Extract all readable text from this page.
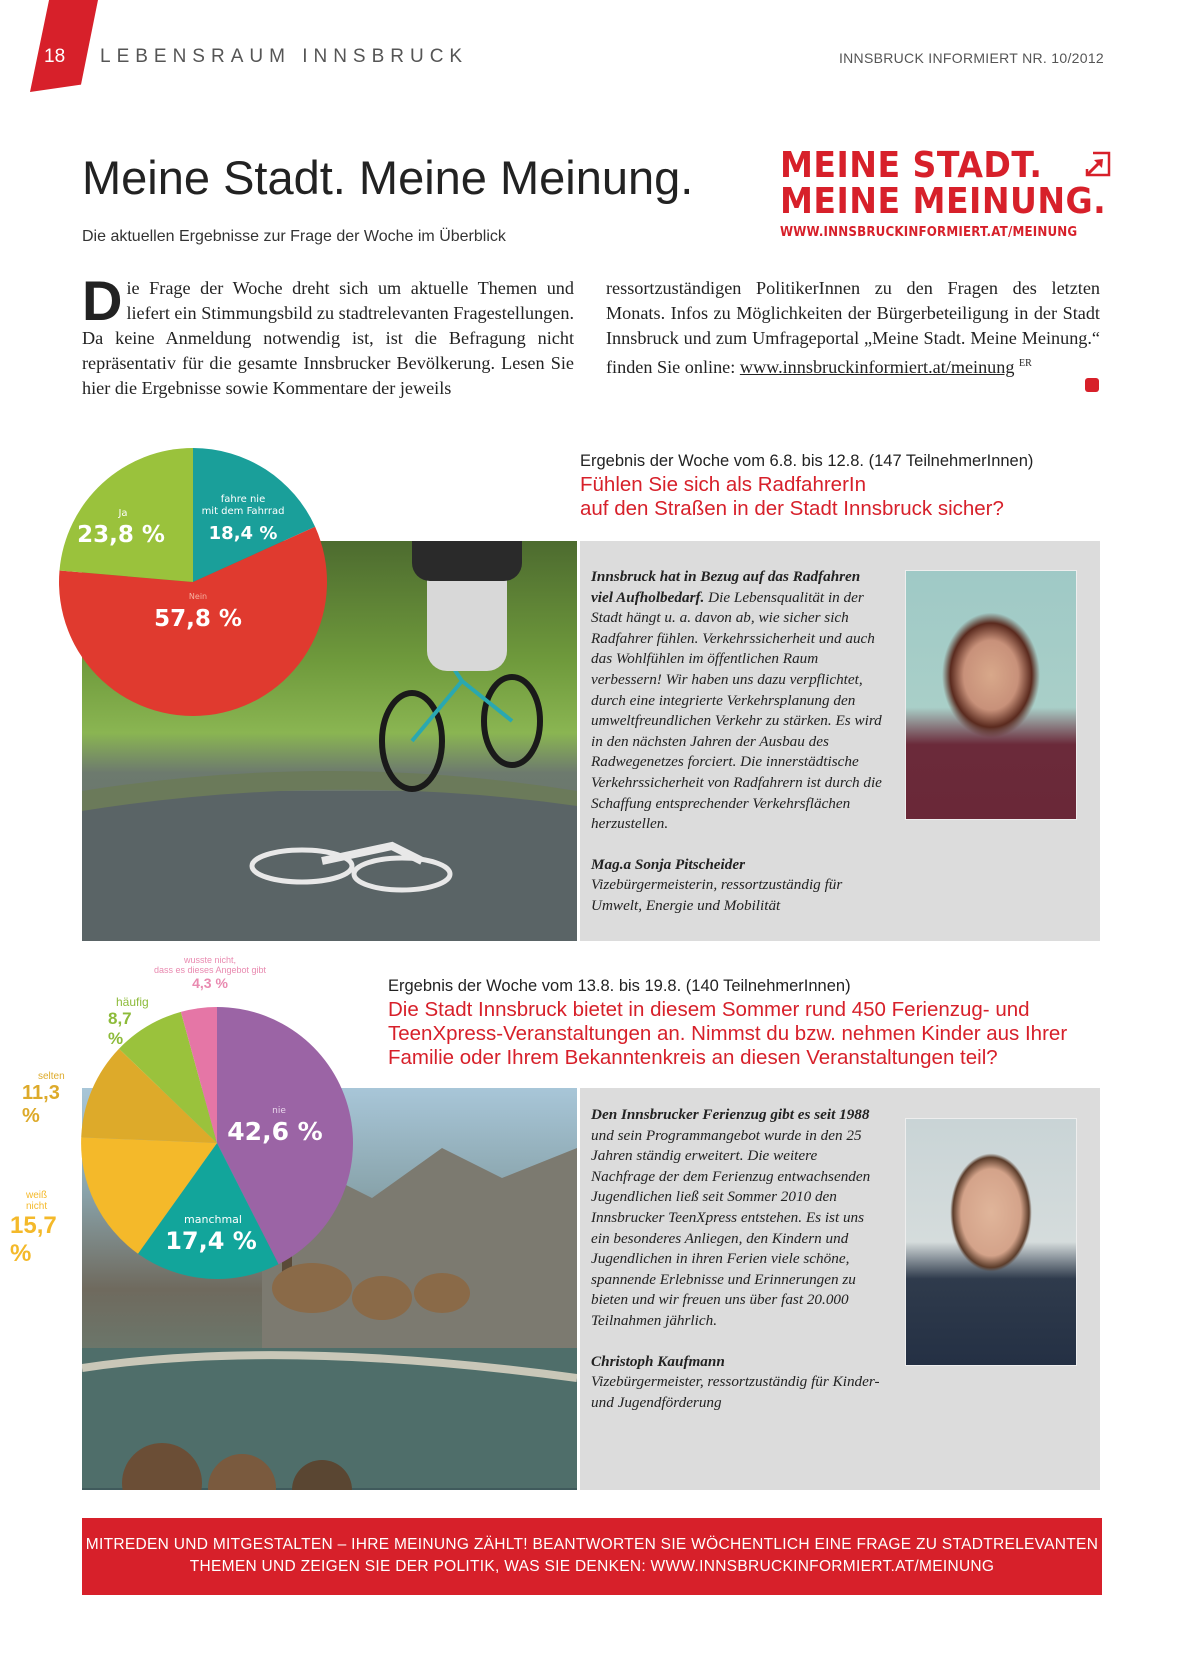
18 LEBENSRAUM INNSBRUCK	INNSBRUCK INFORMIERT NR. 10/2012
Meine Stadt. Meine Meinung.
Die aktuellen Ergebnisse zur Frage der Woche im Überblick
MEINE STADT.
MEINE MEINUNG.
WWW.INNSBRUCKINFORMIERT.AT/MEINUNG
Die Frage der Woche dreht sich um aktuelle Themen und liefert ein Stimmungsbild zu stadtrelevanten Fragestellungen. Da keine Anmeldung notwendig ist, ist die Befragung nicht repräsentativ für die gesamte Innsbrucker Bevölkerung. Lesen Sie hier die Ergebnisse sowie Kommentare der jeweils
ressortzuständigen PolitikerInnen zu den Fragen des letzten Monats. Infos zu Möglichkeiten der Bürgerbeteiligung in der Stadt Innsbruck und zum Umfrageportal „Meine Stadt. Meine Meinung.“ finden Sie online: www.innsbruckinformiert.at/meinung $^{ER}$
Ja
23,8 %
fahre nie
mit dem Fahrrad
18,4 %
Nein
57,8 %
Ergebnis der Woche vom 6.8. bis 12.8. (147 TeilnehmerInnen)
Fühlen Sie sich als RadfahrerIn
auf den Straßen in der Stadt Innsbruck sicher?
Innsbruck hat in Bezug auf das Radfahren viel Aufholbedarf. Die Lebensqualität in der Stadt hängt u. a. davon ab, wie sicher sich Radfahrer fühlen. Verkehrssicherheit und auch das Wohlfühlen im öffentlichen Raum verbessern! Wir haben uns dazu verpflichtet, durch eine integrierte Verkehrsplanung den umweltfreundlichen Verkehr zu stärken. Es wird in den nächsten Jahren der Ausbau des Radwegenetzes forciert. Die innerstädtische Verkehrssicherheit von Radfahrern ist durch die Schaffung entsprechender Verkehrsflächen herzustellen.
Mag.a Sonja Pitscheider
Vizebürgermeisterin, ressortzuständig für Umwelt, Energie und Mobilität
nie
42,6 %
manchmal
17,4 %
wusste nicht,
dass es dieses Angebot gibt
4,3 %
häufig
8,7 %
selten
11,3 %
weiß nicht
15,7 %
Ergebnis der Woche vom 13.8. bis 19.8. (140 TeilnehmerInnen)
Die Stadt Innsbruck bietet in diesem Sommer rund 450 Ferienzug- und TeenXpress-Veranstaltungen an. Nimmst du bzw. nehmen Kinder aus Ihrer Familie oder Ihrem Bekanntenkreis an diesen Veranstaltungen teil?
Den Innsbrucker Ferienzug gibt es seit 1988 und sein Programmangebot wurde in den 25 Jahren ständig erweitert. Die weitere Nachfrage der dem Ferienzug entwachsenden Jugendlichen ließ seit Sommer 2010 den Innsbrucker TeenXpress entstehen. Es ist uns ein besonderes Anliegen, den Kindern und Jugendlichen in ihren Ferien viele schöne, spannende Erlebnisse und Erinnerungen zu bieten und wir freuen uns über fast 20.000 Teilnahmen jährlich.
Christoph Kaufmann
Vizebürgermeister, ressortzuständig für Kinder- und Jugendförderung
MITREDEN UND MITGESTALTEN – IHRE MEINUNG ZÄHLT! BEANTWORTEN SIE WÖCHENTLICH EINE FRAGE ZU STADTRELEVANTEN
THEMEN UND ZEIGEN SIE DER POLITIK, WAS SIE DENKEN: WWW.INNSBRUCKINFORMIERT.AT/MEINUNG
